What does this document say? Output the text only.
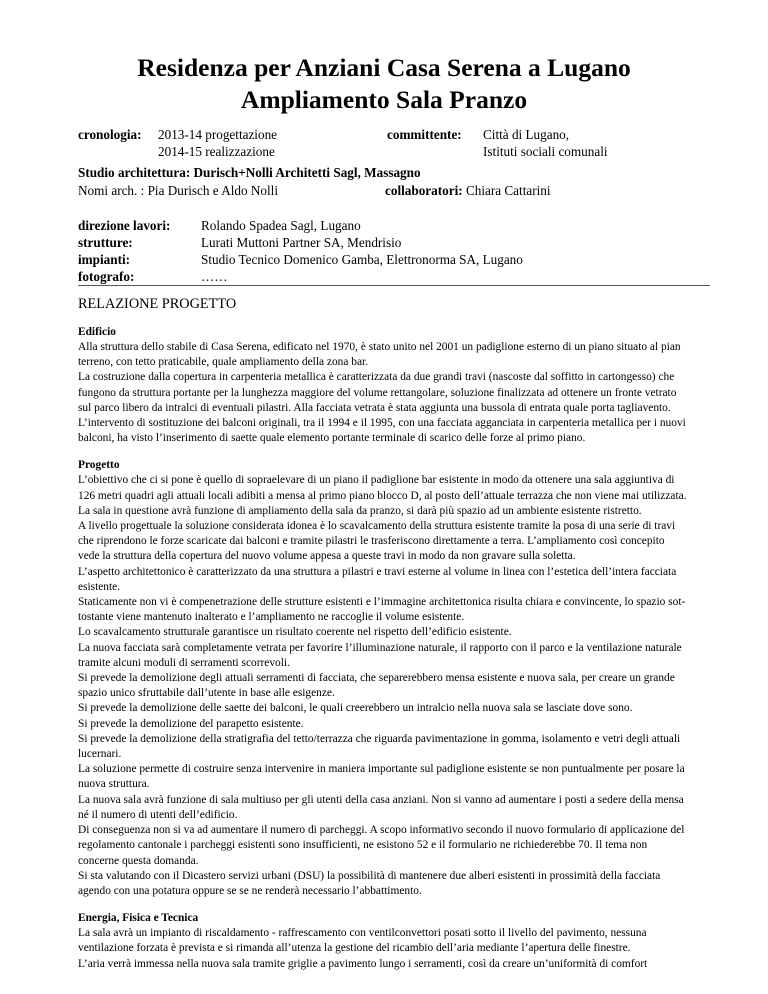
Residenza per Anziani Casa Serena a Lugano
Ampliamento Sala Pranzo
cronologia: 2013-14 progettazione
2014-15 realizzazione
committente: Città di Lugano,
Istituti sociali comunali
Studio architettura: Durisch+Nolli Architetti Sagl, Massagno
Nomi arch. : Pia Durisch e Aldo Nolli	collaboratori: Chiara Cattarini
direzione lavori:
strutture:
impianti:
fotografo:
Rolando Spadea Sagl, Lugano
Lurati Muttoni Partner SA, Mendrisio
Studio Tecnico Domenico Gamba, Elettronorma SA, Lugano
……
RELAZIONE PROGETTO
Edificio

Alla struttura dello stabile di Casa Serena, edificato nel 1970, è stato unito nel 2001 un padiglione esterno di un piano situato al pian

terreno, con tetto praticabile, quale ampliamento della zona bar.

La costruzione dalla copertura in carpenteria metallica è caratterizzata da due grandi travi (nascoste dal soffitto in cartongesso) che

fungono da struttura portante per la lunghezza maggiore del volume rettangolare, soluzione finalizzata ad ottenere un fronte vetrato

sul parco libero da intralci di eventuali pilastri. Alla facciata vetrata è stata aggiunta una bussola di entrata quale porta tagliavento.

L’intervento di sostituzione dei balconi originali, tra il 1994 e il 1995, con una facciata agganciata in carpenteria metallica per i nuovi

balconi, ha visto l’inserimento di saette quale elemento portante terminale di scarico delle forze al primo piano.

Progetto

L’obiettivo che ci si pone è quello di sopraelevare di un piano il padiglione bar esistente in modo da ottenere una sala aggiuntiva di

126 metri quadri agli attuali locali adibiti a mensa al primo piano blocco D, al posto dell’attuale terrazza che non viene mai utilizzata.

La sala in questione avrà funzione di ampliamento della sala da pranzo, si darà più spazio ad un ambiente esistente ristretto.

A livello progettuale la soluzione considerata idonea è lo scavalcamento della struttura esistente tramite la posa di una serie di travi

che riprendono le forze scaricate dai balconi e tramite pilastri le trasferiscono direttamente a terra. L’ampliamento così concepito

vede la struttura della copertura del nuovo volume appesa a queste travi in modo da non gravare sulla soletta.

L’aspetto architettonico è caratterizzato da una struttura a pilastri e travi esterne al volume in linea con l’estetica dell’intera facciata

esistente.

Staticamente non vi è compenetrazione delle strutture esistenti e l’immagine architettonica risulta chiara e convincente, lo spazio sot-

tostante viene mantenuto inalterato e l’ampliamento ne raccoglie il volume esistente.

Lo scavalcamento strutturale garantisce un risultato coerente nel rispetto dell’edificio esistente.

La nuova facciata sarà completamente vetrata per favorire l’illuminazione naturale, il rapporto con il parco e la ventilazione naturale

tramite alcuni moduli di serramenti scorrevoli.

Si prevede la demolizione degli attuali serramenti di facciata, che separerebbero mensa esistente e nuova sala, per creare un grande

spazio unico sfruttabile dall’utente in base alle esigenze.

Si prevede la demolizione delle saette dei balconi, le quali creerebbero un intralcio nella nuova sala se lasciate dove sono.

Si prevede la demolizione del parapetto esistente.

Si prevede la demolizione della stratigrafia del tetto/terrazza che riguarda pavimentazione in gomma, isolamento e vetri degli attuali

lucernari.

La soluzione permette di costruire senza intervenire in maniera importante sul padiglione esistente se non puntualmente per posare la

nuova struttura.

La nuova sala avrà funzione di sala multiuso per gli utenti della casa anziani. Non si vanno ad aumentare i posti a sedere della mensa

né il numero di utenti dell’edificio.

Di conseguenza non si va ad aumentare il numero di parcheggi. A scopo informativo secondo il nuovo formulario di applicazione del

regolamento cantonale i parcheggi esistenti sono insufficienti, ne esistono 52 e il formulario ne richiederebbe 70. Il tema non

concerne questa domanda.

Si sta valutando con il Dicastero servizi urbani (DSU) la possibilità di mantenere due alberi esistenti in prossimità della facciata

agendo con una potatura oppure se se ne renderà necessario l’abbattimento.

Energia, Fisica e Tecnica

La sala avrà un impianto di riscaldamento - raffrescamento con ventilconvettori posati sotto il livello del pavimento, nessuna

ventilazione forzata è prevista e si rimanda all’utenza la gestione del ricambio dell’aria mediante l’apertura delle finestre.

L’aria verrà immessa nella nuova sala tramite griglie a pavimento lungo i serramenti, così da creare un’uniformità di comfort
